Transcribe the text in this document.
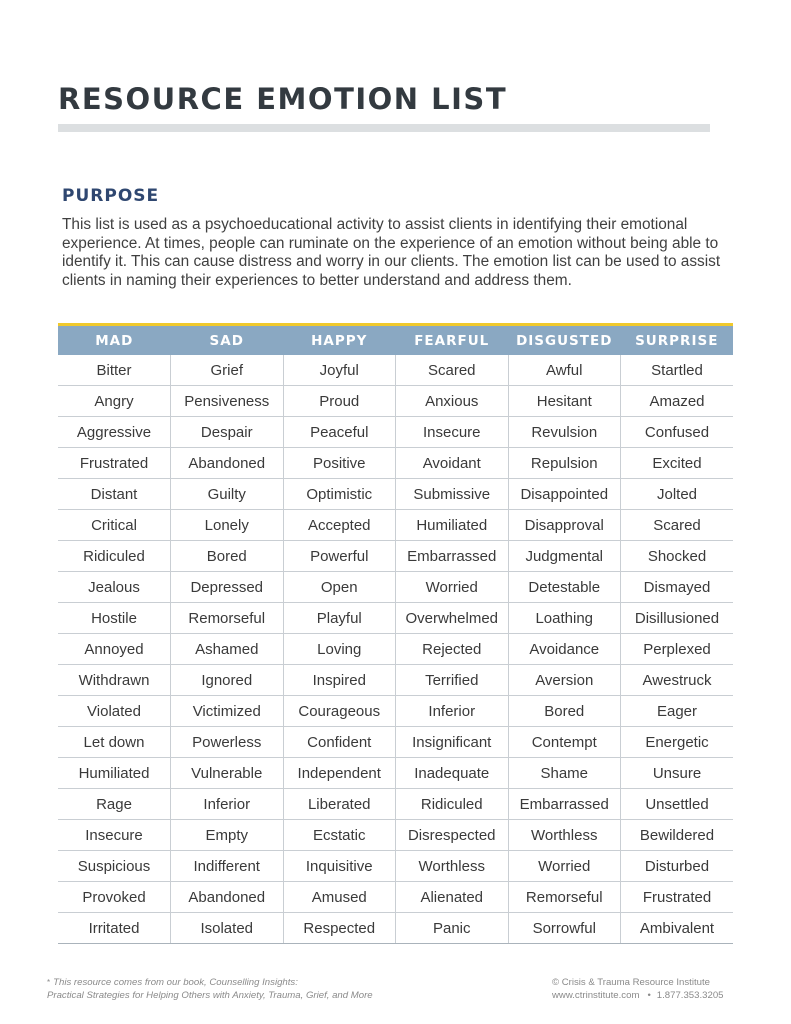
RESOURCE EMOTION LIST
PURPOSE

This list is used as a psychoeducational activity to assist clients in identifying their emotional experience. At times, people can ruminate on the experience of an emotion without being able to identify it. This can cause distress and worry in our clients. The emotion list can be used to assist clients in naming their experiences to better understand and address them.

MAD	SAD	HAPPY	FEARFUL	DISGUSTED	SURPRISE
Bitter	Grief	Joyful	Scared	Awful	Startled
Angry	Pensiveness	Proud	Anxious	Hesitant	Amazed
Aggressive	Despair	Peaceful	Insecure	Revulsion	Confused
Frustrated	Abandoned	Positive	Avoidant	Repulsion	Excited
Distant	Guilty	Optimistic	Submissive	Disappointed	Jolted
Critical	Lonely	Accepted	Humiliated	Disapproval	Scared
Ridiculed	Bored	Powerful	Embarrassed	Judgmental	Shocked
Jealous	Depressed	Open	Worried	Detestable	Dismayed
Hostile	Remorseful	Playful	Overwhelmed	Loathing	Disillusioned
Annoyed	Ashamed	Loving	Rejected	Avoidance	Perplexed
Withdrawn	Ignored	Inspired	Terrified	Aversion	Awestruck
Violated	Victimized	Courageous	Inferior	Bored	Eager
Let down	Powerless	Confident	Insignificant	Contempt	Energetic
Humiliated	Vulnerable	Independent	Inadequate	Shame	Unsure
Rage	Inferior	Liberated	Ridiculed	Embarrassed	Unsettled
Insecure	Empty	Ecstatic	Disrespected	Worthless	Bewildered
Suspicious	Indifferent	Inquisitive	Worthless	Worried	Disturbed
Provoked	Abandoned	Amused	Alienated	Remorseful	Frustrated
Irritated	Isolated	Respected	Panic	Sorrowful	Ambivalent
* This resource comes from our book, Counselling Insights:
Practical Strategies for Helping Others with Anxiety, Trauma, Grief, and More
© Crisis & Trauma Resource Institute
www.ctrinstitute.com • 1.877.353.3205
